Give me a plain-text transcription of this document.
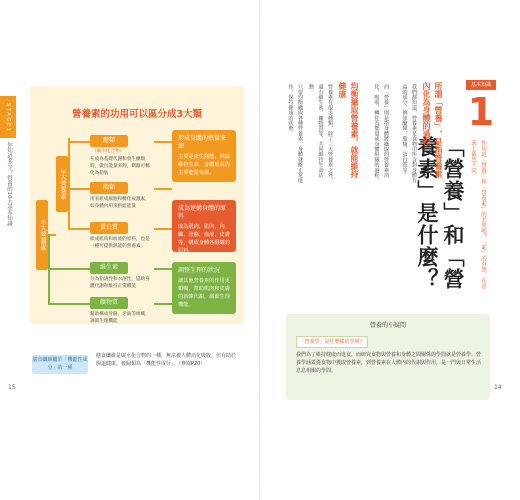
S T A G E 1
你知道多少？營養的10大基本知識
營養素的功用可以區分成3大類
6大營養素
3大營養素
醣類
（碳水化合物）
在成為基礎代謝和發生醣類時，做出能量來源，剩餘可轉化為脂肪
脂類
用來組成細胞和轉化成激素，如身體內用來供給能量
蛋白質
組成肌肉和血液的原料，也是一種可提供熱能的營養素
維生素
分為脂溶性和水溶性，協助身體代謝和維持正常機能
礦物質
幫助構成骨骼、牙齒等組織，調節生理機能
形成身體的熱量來源
主要是產生熱能、供給維持生命、身體成長的主要能量來源。
成為建構身體的原料
成為肌肉、肌內、內臟、骨骼、血液、皮膚等，構成身體各組織的原料。
調整生理的狀況
讓其他營養素的作用更順暢，幫助肌肉和皮膚的新陳代謝，調節生理機能。
膳食纖維屬於「機能性成分」的一種
膳食纖維是碳水化合物的一種，無法被人體消化吸收，但有助於腸道健康。被歸類為「機能性成分」。（參閱P20）
15
基本知識
1
「營養」和「營養素」是什麼？	你知道「營養」和「營養素」的差異嗎？「素」的有無，在意義上截然不同。
所謂「營養」，是指營養素內化為身體的過程
我們都知道，營養素是食物中所含對身體有益的成分，例如醣類、脂類、蛋白質等。
而「營養」則是指身體將攝取的營養素消化、吸收，轉化為能量或身體組織的過程。
均衡攝取營養素，就能維持健康
營養素有很多種類，除了三大營養素之外，還有維生素、礦物質等，共同維持生命活動。
只要均衡攝取各種營養素，身體就能正常運作，保持健康的狀態。
營養的小疑問
「營養學」是什麼樣的學問？
我們為了維持健康而進食，而研究食物與營養和身體之間關係的學問就是營養學。營養學涵蓋從食物中獲取營養素，到營養素在人體內的代謝與作用，是一門與日常生活息息相關的學問。
14
